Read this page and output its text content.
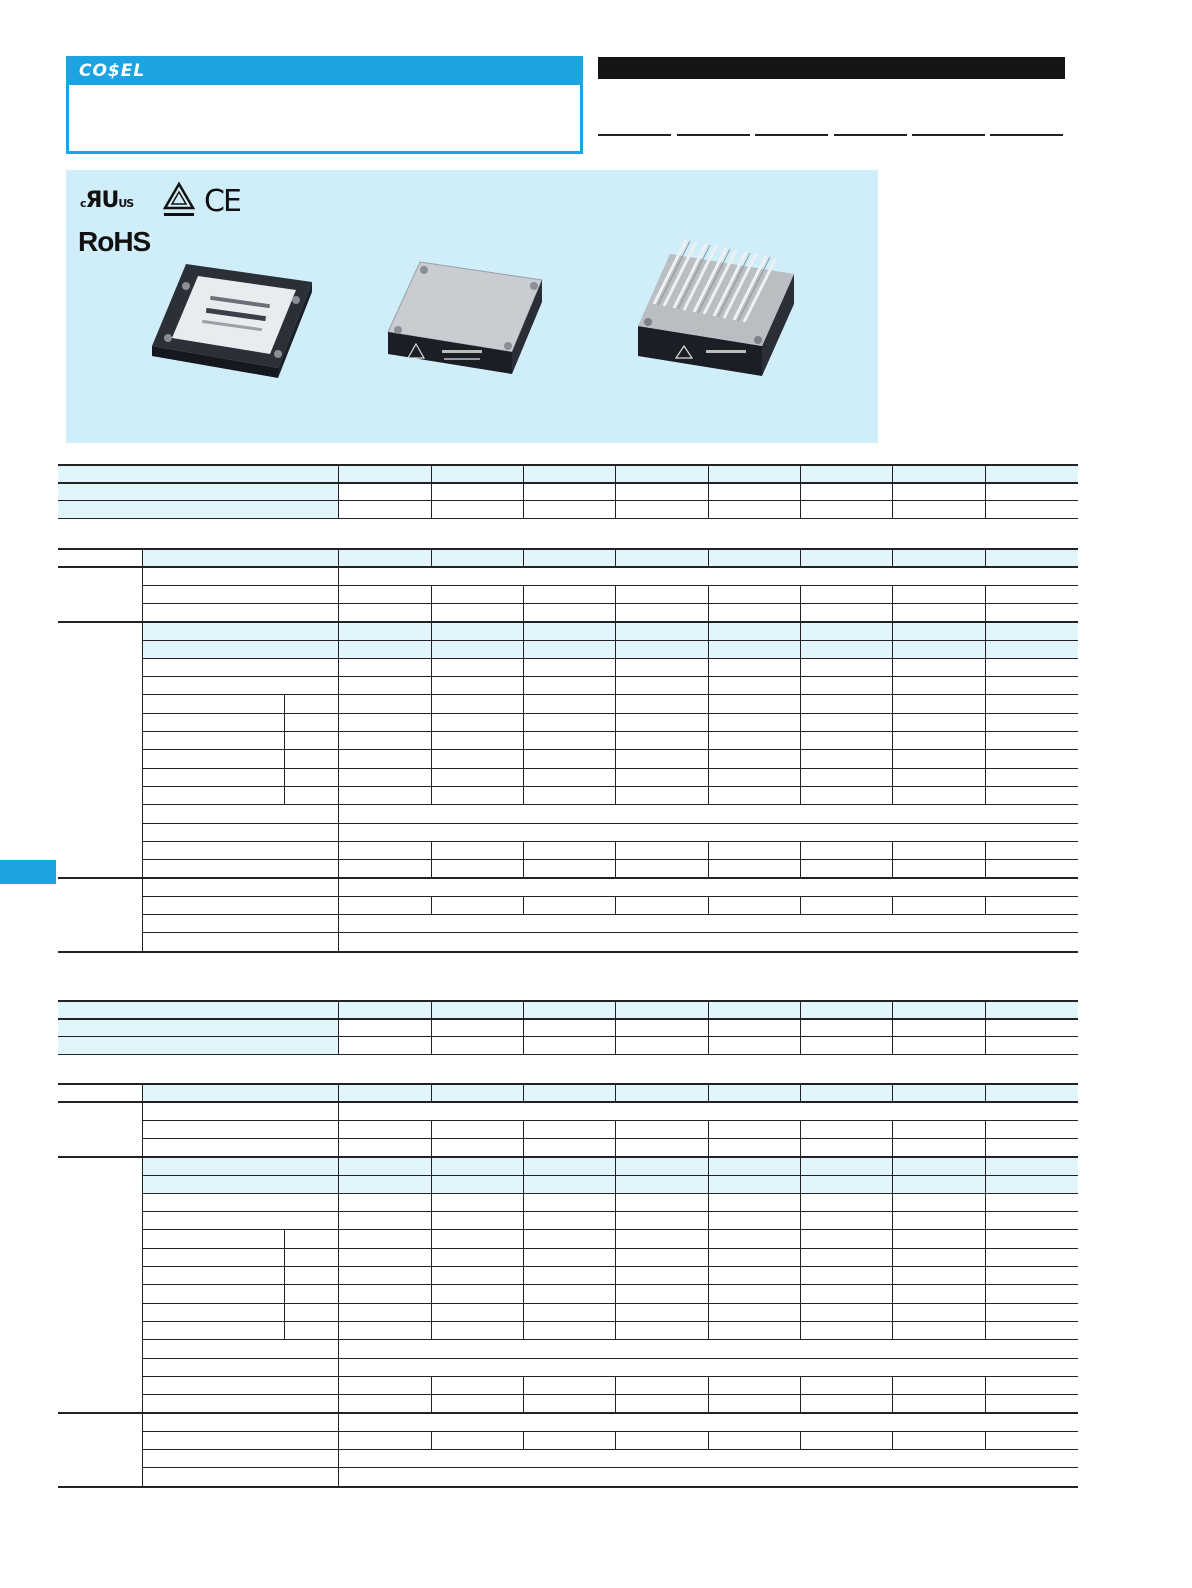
CO$EL
cЯUUS CE
RoHS
